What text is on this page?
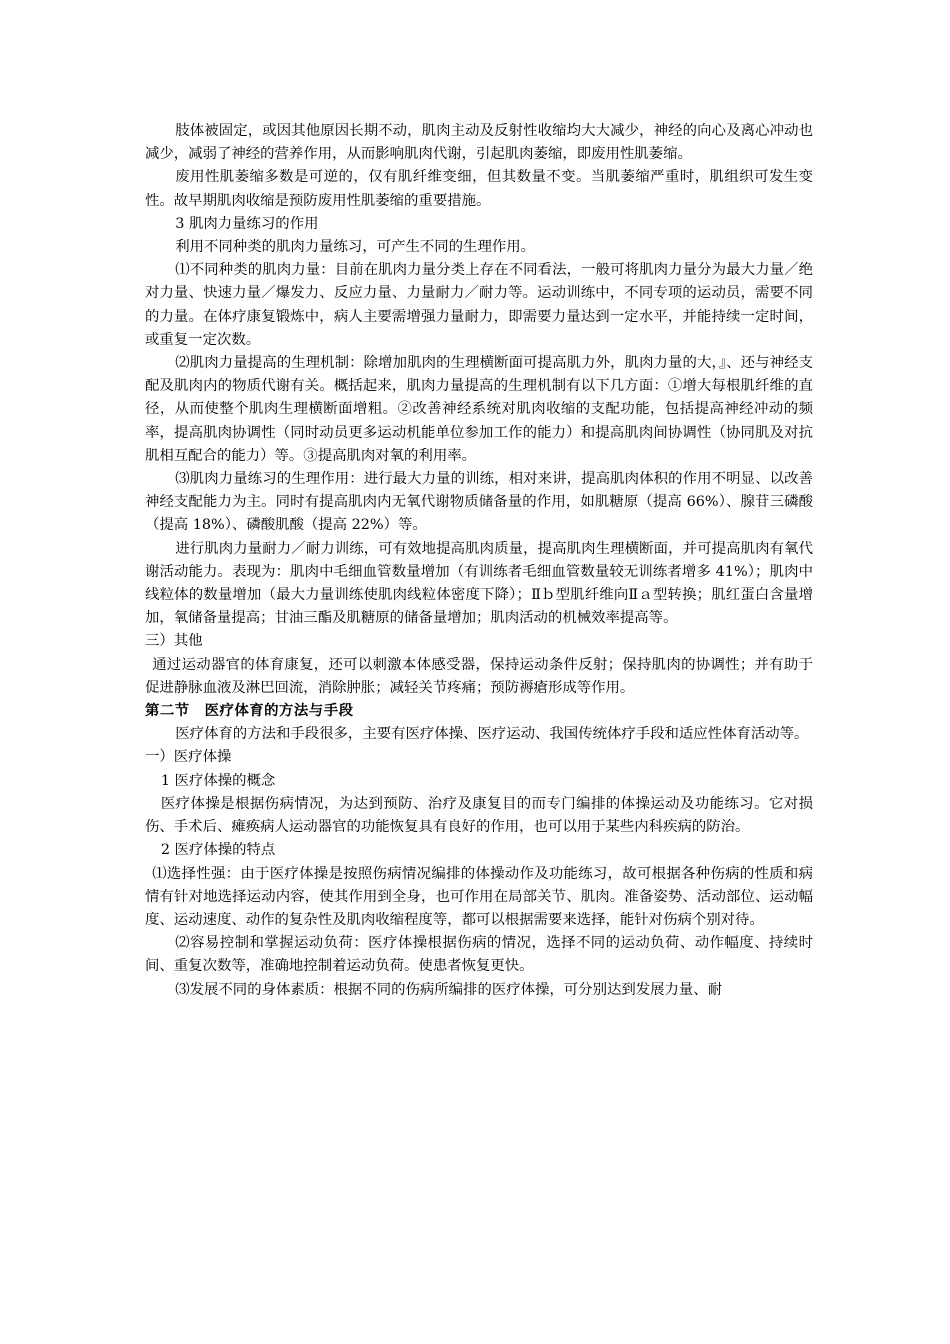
肢体被固定，或因其他原因长期不动，肌肉主动及反射性收缩均大大减少，神经的向心及离心冲动也减少，减弱了神经的营养作用，从而影响肌肉代谢，引起肌肉萎缩，即废用性肌萎缩。

废用性肌萎缩多数是可逆的，仅有肌纤维变细，但其数量不变。当肌萎缩严重时，肌组织可发生变性。故早期肌肉收缩是预防废用性肌萎缩的重要措施。

3 肌肉力量练习的作用

利用不同种类的肌肉力量练习，可产生不同的生理作用。

⑴不同种类的肌肉力量：目前在肌肉力量分类上存在不同看法，一般可将肌肉力量分为最大力量／绝对力量、快速力量／爆发力、反应力量、力量耐力／耐力等。运动训练中，不同专项的运动员，需要不同的力量。在体疗康复锻炼中，病人主要需增强力量耐力，即需要力量达到一定水平，并能持续一定时间，或重复一定次数。

⑵肌肉力量提高的生理机制：除增加肌肉的生理横断面可提高肌力外，肌肉力量的大，』、还与神经支配及肌肉内的物质代谢有关。概括起来，肌肉力量提高的生理机制有以下几方面：①增大每根肌纤维的直径，从而使整个肌肉生理横断面增粗。②改善神经系统对肌肉收缩的支配功能，包括提高神经冲动的频率，提高肌肉协调性（同时动员更多运动机能单位参加工作的能力）和提高肌肉间协调性（协同肌及对抗肌相互配合的能力）等。③提高肌肉对氧的利用率。

⑶肌肉力量练习的生理作用：进行最大力量的训练，相对来讲，提高肌肉体积的作用不明显、以改善神经支配能力为主。同时有提高肌肉内无氧代谢物质储备量的作用，如肌糖原（提高 66%）、腺苷三磷酸（提高 18%）、磷酸肌酸（提高 22%）等。

进行肌肉力量耐力／耐力训练，可有效地提高肌肉质量，提高肌肉生理横断面，并可提高肌肉有氧代谢活动能力。表现为：肌肉中毛细血管数量增加（有训练者毛细血管数量较无训练者增多 41%）；肌肉中线粒体的数量增加（最大力量训练使肌肉线粒体密度下降）；Ⅱｂ型肌纤维向Ⅱａ型转换；肌红蛋白含量增加，氧储备量提高；甘油三酯及肌糖原的储备量增加；肌肉活动的机械效率提高等。

三）其他

通过运动器官的体育康复，还可以刺激本体感受器，保持运动条件反射；保持肌肉的协调性；并有助于促进静脉血液及淋巴回流，消除肿胀；减轻关节疼痛；预防褥瘡形成等作用。

第二节　医疗体育的方法与手段

医疗体育的方法和手段很多，主要有医疗体操、医疗运动、我国传统体疗手段和适应性体育活动等。

一）医疗体操

1 医疗体操的概念

医疗体操是根据伤病情况，为达到预防、治疗及康复目的而专门编排的体操运动及功能练习。它对损伤、手术后、瘫痪病人运动器官的功能恢复具有良好的作用，也可以用于某些内科疾病的防治。

2 医疗体操的特点

⑴选择性强：由于医疗体操是按照伤病情况编排的体操动作及功能练习，故可根据各种伤病的性质和病情有针对地选择运动内容，使其作用到全身，也可作用在局部关节、肌肉。准备姿势、活动部位、运动幅度、运动速度、动作的复杂性及肌肉收缩程度等，都可以根据需要来选择，能针对伤病个别对待。

⑵容易控制和掌握运动负荷：医疗体操根据伤病的情况，选择不同的运动负荷、动作幅度、持续时间、重复次数等，准确地控制着运动负荷。使患者恢复更快。

⑶发展不同的身体素质：根据不同的伤病所编排的医疗体操，可分别达到发展力量、耐
